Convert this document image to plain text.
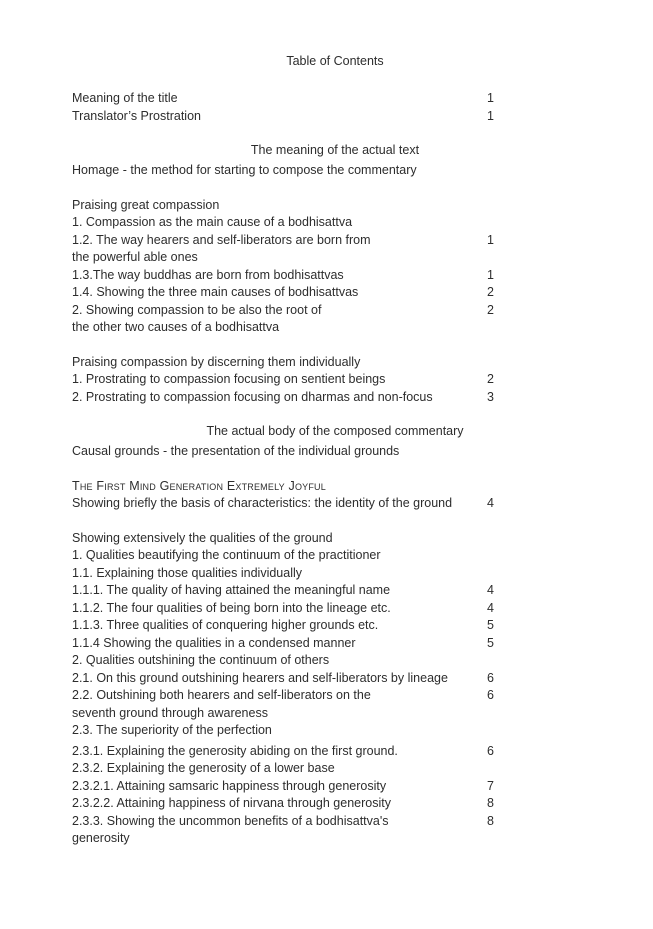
Table of Contents
Meaning of the title	1
Translator’s Prostration	1
The meaning of the actual text
Homage - the method for starting to compose the commentary
Praising great compassion
1. Compassion as the main cause of a bodhisattva
1.2. The way hearers and self-liberators are born from	1
the powerful able ones
1.3.The way buddhas are born from bodhisattvas	1
1.4. Showing the three main causes of bodhisattvas	2
2. Showing compassion to be also the root of	2
the other two causes of a bodhisattva
Praising compassion by discerning them individually
1. Prostrating to compassion focusing on sentient beings	2
2. Prostrating to compassion focusing on dharmas and non-focus	3
The actual body of the composed commentary
Causal grounds - the presentation of the individual grounds
The First Mind Generation Extremely Joyful
Showing briefly the basis of characteristics: the identity of the ground	4
Showing extensively the qualities of the ground
1. Qualities beautifying the continuum of the practitioner
1.1. Explaining those qualities individually
1.1.1. The quality of having attained the meaningful name	4
1.1.2. The four qualities of being born into the lineage etc.	4
1.1.3. Three qualities of conquering higher grounds etc.	5
1.1.4 Showing the qualities in a condensed manner	5
2. Qualities outshining the continuum of others
2.1. On this ground outshining hearers and self-liberators by lineage	6
2.2. Outshining both hearers and self-liberators on the	6
seventh ground through awareness
2.3. The superiority of the perfection
2.3.1. Explaining the generosity abiding on the first ground.	6
2.3.2. Explaining the generosity of a lower base
2.3.2.1. Attaining samsaric happiness through generosity	7
2.3.2.2. Attaining happiness of nirvana through generosity	8
2.3.3. Showing the uncommon benefits of a bodhisattva's	8
generosity
